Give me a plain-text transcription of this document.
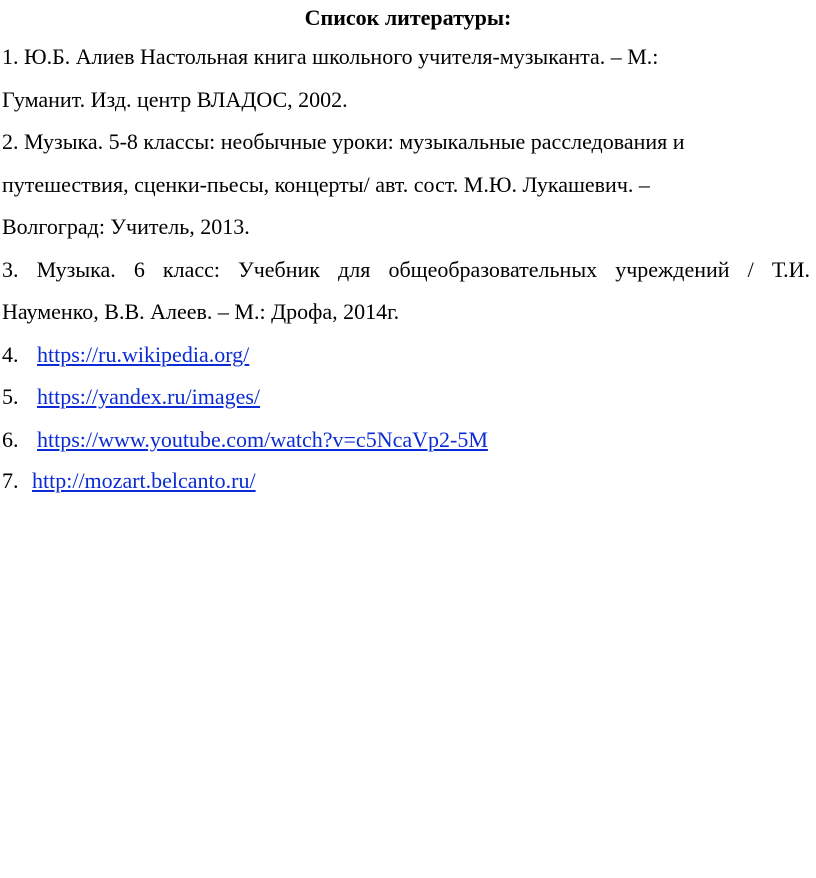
Список литературы:
1. Ю.Б. Алиев Настольная книга школьного учителя-музыканта. – М.:
Гуманит. Изд. центр ВЛАДОС, 2002.
2. Музыка. 5-8 классы: необычные уроки: музыкальные расследования и
путешествия, сценки-пьесы, концерты/ авт. сост. М.Ю. Лукашевич. –
Волгоград: Учитель, 2013.
3. Музыка. 6 класс: Учебник для общеобразовательных учреждений / Т.И.
Науменко, В.В. Алеев. – М.: Дрофа, 2014г.
4. https://ru.wikipedia.org/
5. https://yandex.ru/images/
6. https://www.youtube.com/watch?v=c5NcaVp2-5M
7. http://mozart.belcanto.ru/
